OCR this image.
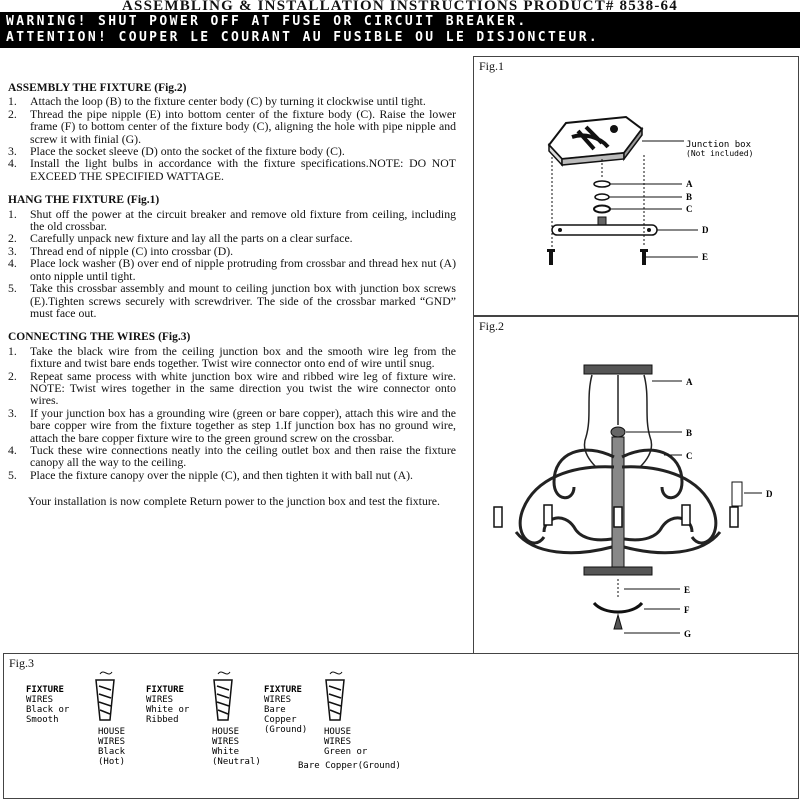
ASSEMBLING & INSTALLATION INSTRUCTIONS PRODUCT# 8538-64
WARNING! SHUT POWER OFF AT FUSE OR CIRCUIT BREAKER.
ATTENTION! COUPER LE COURANT AU FUSIBLE OU LE DISJONCTEUR.
ASSEMBLY THE FIXTURE (Fig.2)
1.	Attach the loop (B) to the fixture center body (C) by turning it clockwise until tight.
2.	Thread the pipe nipple (E) into bottom center of the fixture body (C). Raise the lower frame (F) to bottom center of the fixture body (C), aligning the hole with pipe nipple and screw it with finial (G).
3.	Place the socket sleeve (D) onto the socket of the fixture body (C).
4.	Install the light bulbs in accordance with the fixture specifications.NOTE: DO NOT EXCEED THE SPECIFIED WATTAGE.
HANG THE FIXTURE (Fig.1)
1.	Shut off the power at the circuit breaker and remove old fixture from ceiling, including the old crossbar.
2.	Carefully unpack new fixture and lay all the parts on a clear surface.
3.	Thread end of nipple (C) into crossbar (D).
4.	Place lock washer (B) over end of nipple protruding from crossbar and thread hex nut (A) onto nipple until tight.
5.	Take this crossbar assembly and mount to ceiling junction box with junction box screws (E).Tighten screws securely with screwdriver. The side of the crossbar marked “GND” must face out.
CONNECTING THE WIRES (Fig.3)
1.	Take the black wire from the ceiling junction box and the smooth wire leg from the fixture and twist bare ends together. Twist wire connector onto end of wire until snug.
2.	Repeat same process with white junction box wire and ribbed wire leg of fixture wire. NOTE: Twist wires together in the same direction you twist the wire connector onto wires.
3.	If your junction box has a grounding wire (green or bare copper), attach this wire and the bare copper wire from the fixture together as step 1.If junction box has no ground wire, attach the bare copper fixture wire to the green ground screw on the crossbar.
4.	Tuck these wire connections neatly into the ceiling outlet box and then raise the fixture canopy all the way to the ceiling.
5.	Place the fixture canopy over the nipple (C), and then tighten it with ball nut (A).
Your installation is now complete Return power to the junction box and test the fixture.
Fig.1
Junction box
(Not included)
A
B
C
D
E
Fig.2
A
B
C
D
E
F
G
Fig.3
FIXTURE
WIRES
Black or
Smooth
HOUSE
WIRES
Black
(Hot)
FIXTURE
WIRES
White or
Ribbed
HOUSE
WIRES
White
(Neutral)
FIXTURE
WIRES
Bare
Copper
(Ground) HOUSE
WIRES
Green or
Bare Copper(Ground)
